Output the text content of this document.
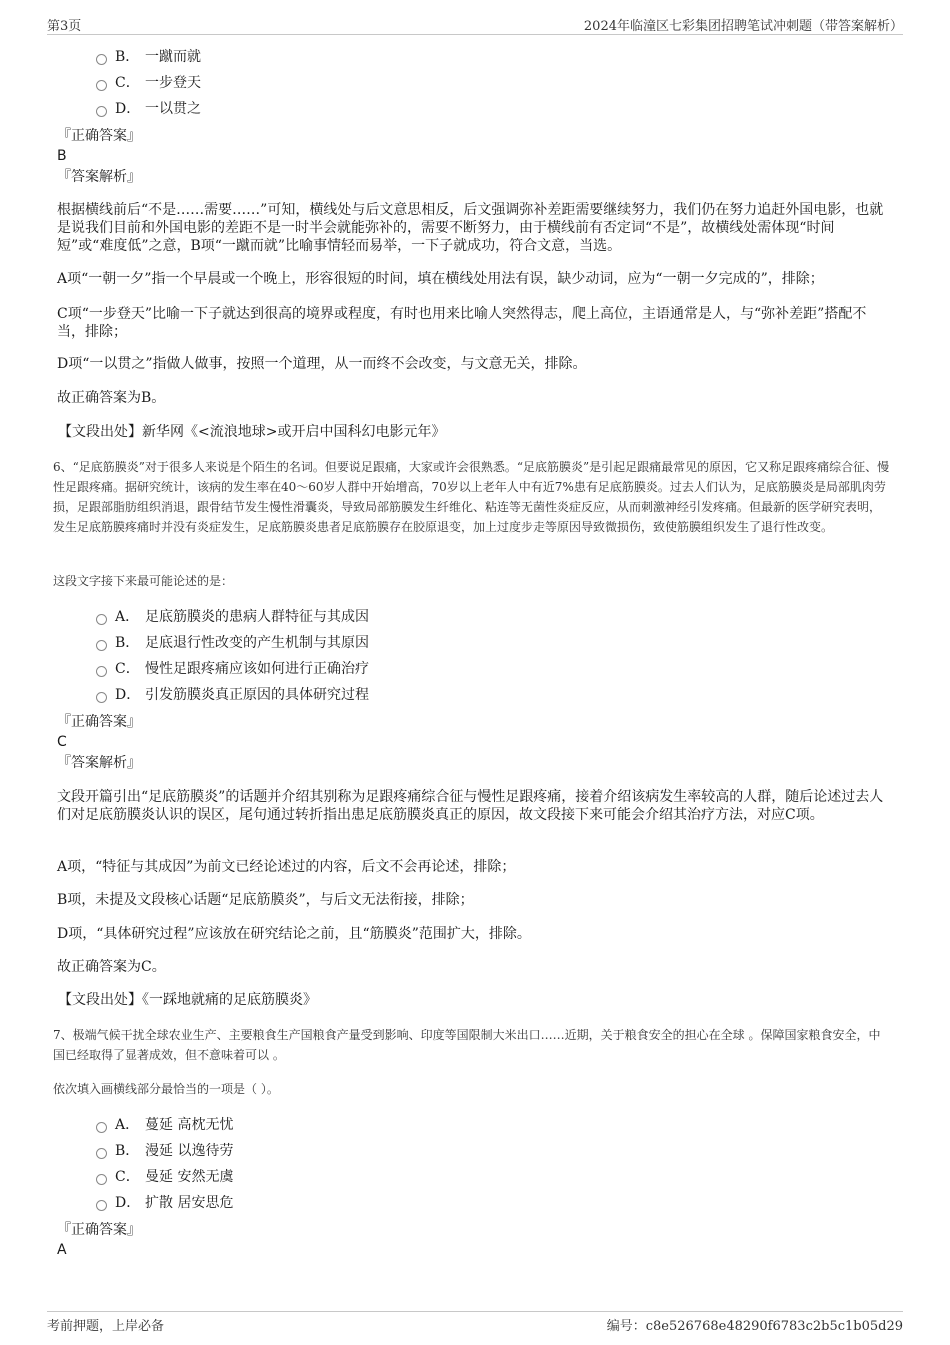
第3页	2024年临潼区七彩集团招聘笔试冲刺题（带答案解析）
B． 一蹴而就
C． 一步登天
D． 一以贯之
『正确答案』
B
『答案解析』
根据横线前后“不是……需要……”可知，横线处与后文意思相反，后文强调弥补差距需要继续努力，我们仍在努力追赶外国电影，也就是说我们目前和外国电影的差距不是一时半会就能弥补的，需要不断努力，由于横线前有否定词“不是”，故横线处需体现“时间短”或“难度低”之意，B项“一蹴而就”比喻事情轻而易举，一下子就成功，符合文意，当选。
A项“一朝一夕”指一个早晨或一个晚上，形容很短的时间，填在横线处用法有误，缺少动词，应为“一朝一夕完成的”，排除；
C项“一步登天”比喻一下子就达到很高的境界或程度，有时也用来比喻人突然得志，爬上高位，主语通常是人，与“弥补差距”搭配不当，排除；
D项“一以贯之”指做人做事，按照一个道理，从一而终不会改变，与文意无关，排除。
故正确答案为B。
【文段出处】新华网《<流浪地球>或开启中国科幻电影元年》
6、“足底筋膜炎”对于很多人来说是个陌生的名词。但要说足跟痛，大家或许会很熟悉。“足底筋膜炎”是引起足跟痛最常见的原因，它又称足跟疼痛综合征、慢性足跟疼痛。据研究统计，该病的发生率在40～60岁人群中开始增高，70岁以上老年人中有近7%患有足底筋膜炎。过去人们认为，足底筋膜炎是局部肌肉劳损，足跟部脂肪组织消退，跟骨结节发生慢性滑囊炎，导致局部筋膜发生纤维化、粘连等无菌性炎症反应，从而刺激神经引发疼痛。但最新的医学研究表明，发生足底筋膜疼痛时并没有炎症发生，足底筋膜炎患者足底筋膜存在胶原退变，加上过度步走等原因导致微损伤，致使筋膜组织发生了退行性改变。
这段文字接下来最可能论述的是：
A． 足底筋膜炎的患病人群特征与其成因
B． 足底退行性改变的产生机制与其原因
C． 慢性足跟疼痛应该如何进行正确治疗
D． 引发筋膜炎真正原因的具体研究过程
『正确答案』
C
『答案解析』
文段开篇引出“足底筋膜炎”的话题并介绍其别称为足跟疼痛综合征与慢性足跟疼痛，接着介绍该病发生率较高的人群，随后论述过去人们对足底筋膜炎认识的误区，尾句通过转折指出患足底筋膜炎真正的原因，故文段接下来可能会介绍其治疗方法，对应C项。
A项，“特征与其成因”为前文已经论述过的内容，后文不会再论述，排除；
B项，未提及文段核心话题“足底筋膜炎”，与后文无法衔接，排除；
D项，“具体研究过程”应该放在研究结论之前，且“筋膜炎”范围扩大，排除。
故正确答案为C。
【文段出处】《一踩地就痛的足底筋膜炎》
7、极端气候干扰全球农业生产、主要粮食生产国粮食产量受到影响、印度等国限制大米出口……近期，关于粮食安全的担心在全球 。保障国家粮食安全，中国已经取得了显著成效，但不意味着可以 。
依次填入画横线部分最恰当的一项是（ ）。
A． 蔓延 高枕无忧
B． 漫延 以逸待劳
C． 曼延 安然无虞
D． 扩散 居安思危
『正确答案』
A
考前押题，上岸必备	编号：c8e526768e48290f6783c2b5c1b05d29
